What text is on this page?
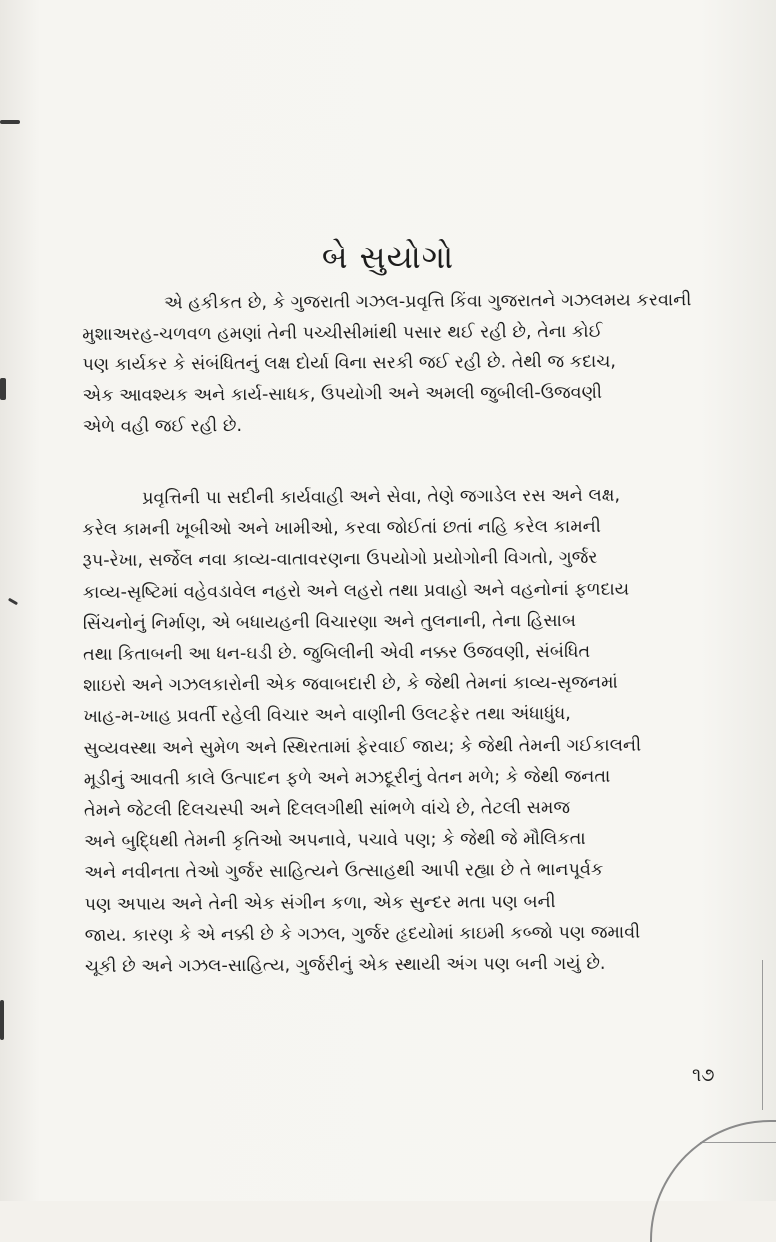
બે સુયોગો
એ હકીકત છે, કે ગુજરાતી ગઝલ-પ્રવૃત્તિ કિંવા ગુજરાતને ગઝલમય કરવાની
મુશાઅરહ-ચળવળ હમણાં તેની પચ્ચીસીમાંથી પસાર થઈ રહી છે, તેના કોઈ
પણ કાર્યકર કે સંબંધિતનું લક્ષ દોર્યા વિના સરકી જઈ રહી છે. તેથી જ કદાચ,
એક આવશ્યક અને કાર્ય-સાધક, ઉપયોગી અને અમલી જુબીલી-ઉજવણી
એળે વહી જઈ રહી છે.
પ્રવૃત્તિની પા સદીની કાર્યવાહી અને સેવા, તેણે જગાડેલ રસ અને લક્ષ,
કરેલ કામની ખૂબીઓ અને ખામીઓ, કરવા જોઈતાં છતાં નહિ કરેલ કામની
રૂપ-રેખા, સર્જેલ નવા કાવ્ય-વાતાવરણના ઉપયોગો પ્રયોગોની વિગતો, ગુર્જર
કાવ્ય-સૃષ્ટિમાં વહેવડાવેલ નહરો અને લહરો તથા પ્રવાહો અને વહનોનાં ફળદાય
સિંચનોનું નિર્માણ, એ બધાયહની વિચારણા અને તુલનાની, તેના હિસાબ
તથા કિતાબની આ ધન-ઘડી છે. જુબિલીની એવી નક્કર ઉજવણી, સંબંધિત
શાઇરો અને ગઝલકારોની એક જવાબદારી છે, કે જેથી તેમનાં કાવ્ય-સૃજનમાં
ખાહ-મ-ખાહ પ્રવર્તી રહેલી વિચાર અને વાણીની ઉલટફેર તથા અંધાધુંધ,
સુવ્યવસ્થા અને સુમેળ અને સ્થિરતામાં ફેરવાઈ જાય; કે જેથી તેમની ગઈકાલની
મૂડીનું આવતી કાલે ઉત્પાદન ફળે અને મઝદૂરીનું વેતન મળે; કે જેથી જનતા
તેમને જેટલી દિલચસ્પી અને દિલલગીથી સાંભળે વાંચે છે, તેટલી સમજ
અને બુદ્ધિથી તેમની કૃતિઓ અપનાવે, પચાવે પણ; કે જેથી જે મૌલિકતા
અને નવીનતા તેઓ ગુર્જર સાહિત્યને ઉત્સાહથી આપી રહ્યા છે તે ભાનપૂર્વક
પણ અપાય અને તેની એક સંગીન કળા, એક સુન્દર મતા પણ બની
જાય. કારણ કે એ નક્કી છે કે ગઝલ, ગુર્જર હૃદયોમાં કાઇમી કબ્જો પણ જમાવી
ચૂકી છે અને ગઝલ-સાહિત્ય, ગુર્જરીનું એક સ્થાયી અંગ પણ બની ગયું છે.
૧૭
